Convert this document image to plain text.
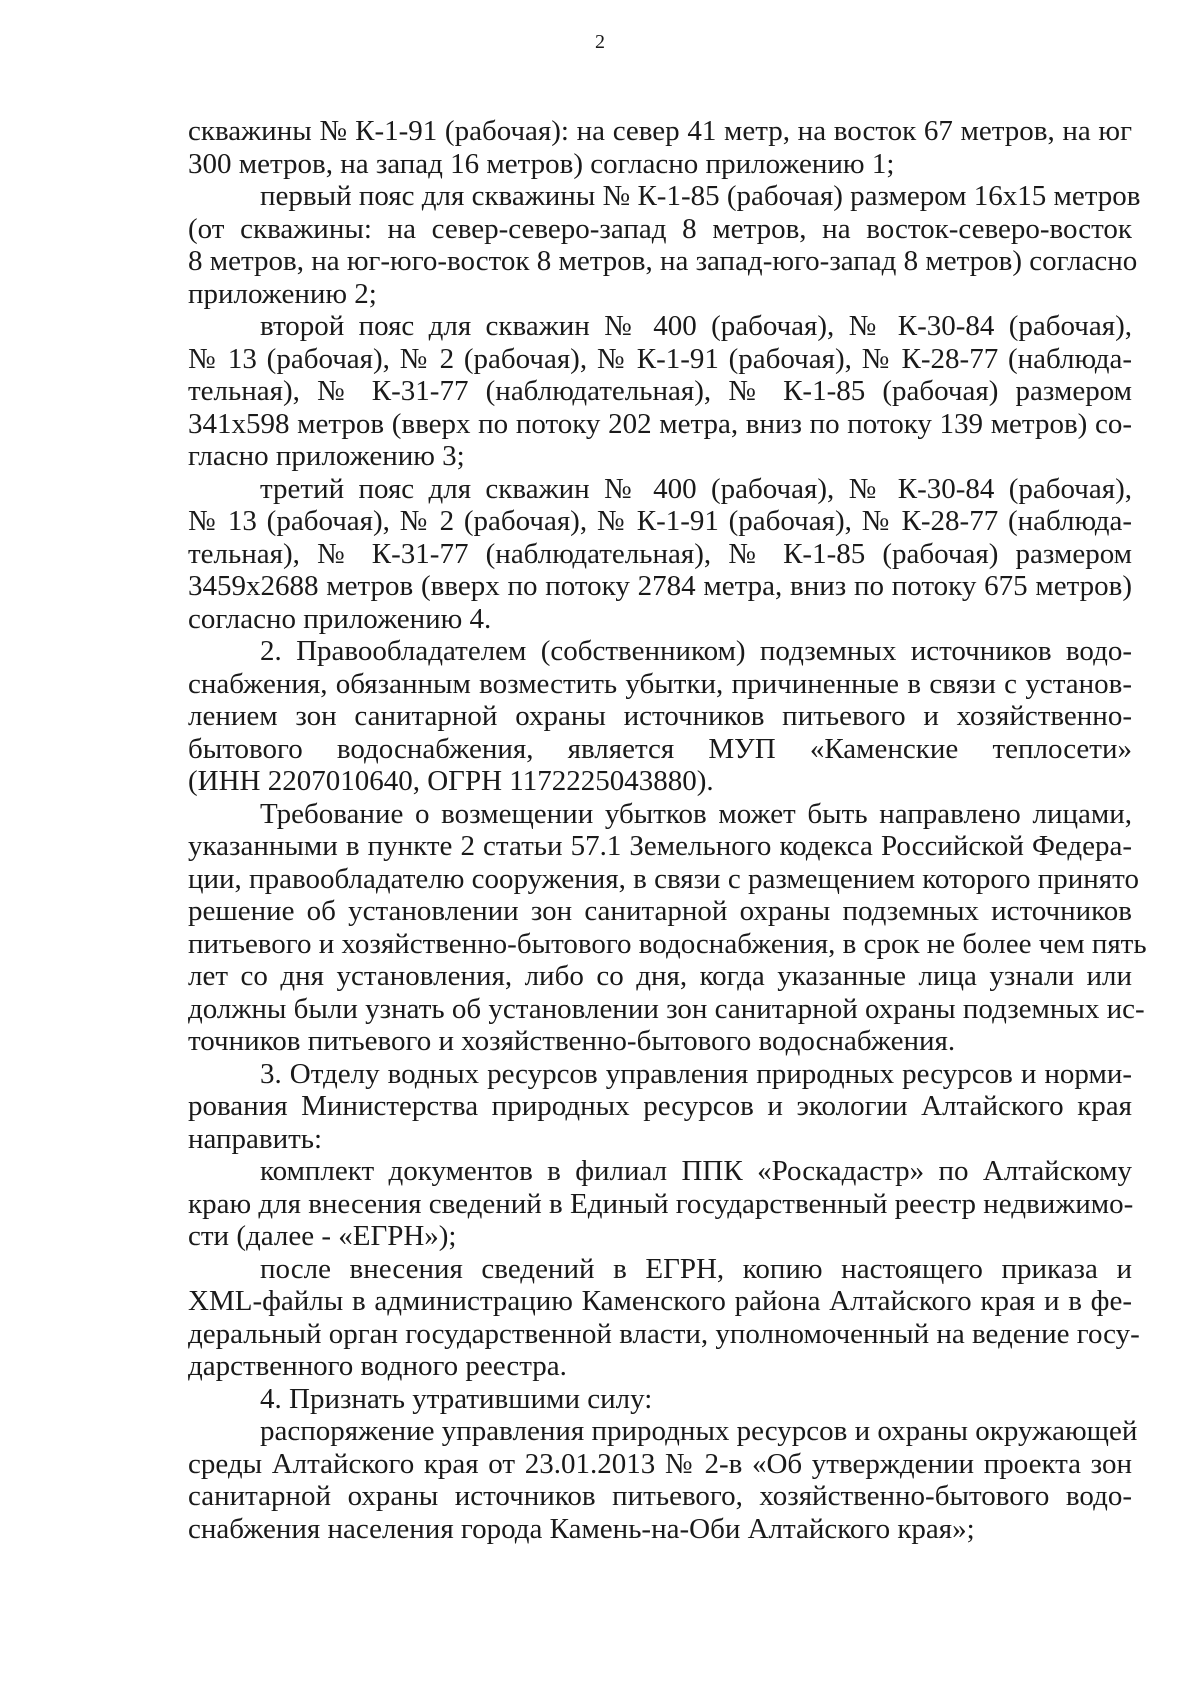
2
скважины № К-1-91 (рабочая): на север 41 метр, на восток 67 метров, на юг
300 метров, на запад 16 метров) согласно приложению 1;
первый пояс для скважины № К-1-85 (рабочая) размером 16x15 метров
(от скважины: на север-северо-запад 8 метров, на восток-северо-восток
8 метров, на юг-юго-восток 8 метров, на запад-юго-запад 8 метров) согласно
приложению 2;
второй пояс для скважин № 400 (рабочая), № К-30-84 (рабочая),
№ 13 (рабочая), № 2 (рабочая), № К-1-91 (рабочая), № К-28-77 (наблюда-
тельная), № К-31-77 (наблюдательная), № К-1-85 (рабочая) размером
341x598 метров (вверх по потоку 202 метра, вниз по потоку 139 метров) со-
гласно приложению 3;
третий пояс для скважин № 400 (рабочая), № К-30-84 (рабочая),
№ 13 (рабочая), № 2 (рабочая), № К-1-91 (рабочая), № К-28-77 (наблюда-
тельная), № К-31-77 (наблюдательная), № К-1-85 (рабочая) размером
3459x2688 метров (вверх по потоку 2784 метра, вниз по потоку 675 метров)
согласно приложению 4.
2. Правообладателем (собственником) подземных источников водо-
снабжения, обязанным возместить убытки, причиненные в связи с установ-
лением зон санитарной охраны источников питьевого и хозяйственно-
бытового водоснабжения, является МУП «Каменские теплосети»
(ИНН 2207010640, ОГРН 1172225043880).
Требование о возмещении убытков может быть направлено лицами,
указанными в пункте 2 статьи 57.1 Земельного кодекса Российской Федера-
ции, правообладателю сооружения, в связи с размещением которого принято
решение об установлении зон санитарной охраны подземных источников
питьевого и хозяйственно-бытового водоснабжения, в срок не более чем пять
лет со дня установления, либо со дня, когда указанные лица узнали или
должны были узнать об установлении зон санитарной охраны подземных ис-
точников питьевого и хозяйственно-бытового водоснабжения.
3. Отделу водных ресурсов управления природных ресурсов и норми-
рования Министерства природных ресурсов и экологии Алтайского края
направить:
комплект документов в филиал ППК «Роскадастр» по Алтайскому
краю для внесения сведений в Единый государственный реестр недвижимо-
сти (далее - «ЕГРН»);
после внесения сведений в ЕГРН, копию настоящего приказа и
XML-файлы в администрацию Каменского района Алтайского края и в фе-
деральный орган государственной власти, уполномоченный на ведение госу-
дарственного водного реестра.
4. Признать утратившими силу:
распоряжение управления природных ресурсов и охраны окружающей
среды Алтайского края от 23.01.2013 № 2-в «Об утверждении проекта зон
санитарной охраны источников питьевого, хозяйственно-бытового водо-
снабжения населения города Камень-на-Оби Алтайского края»;
